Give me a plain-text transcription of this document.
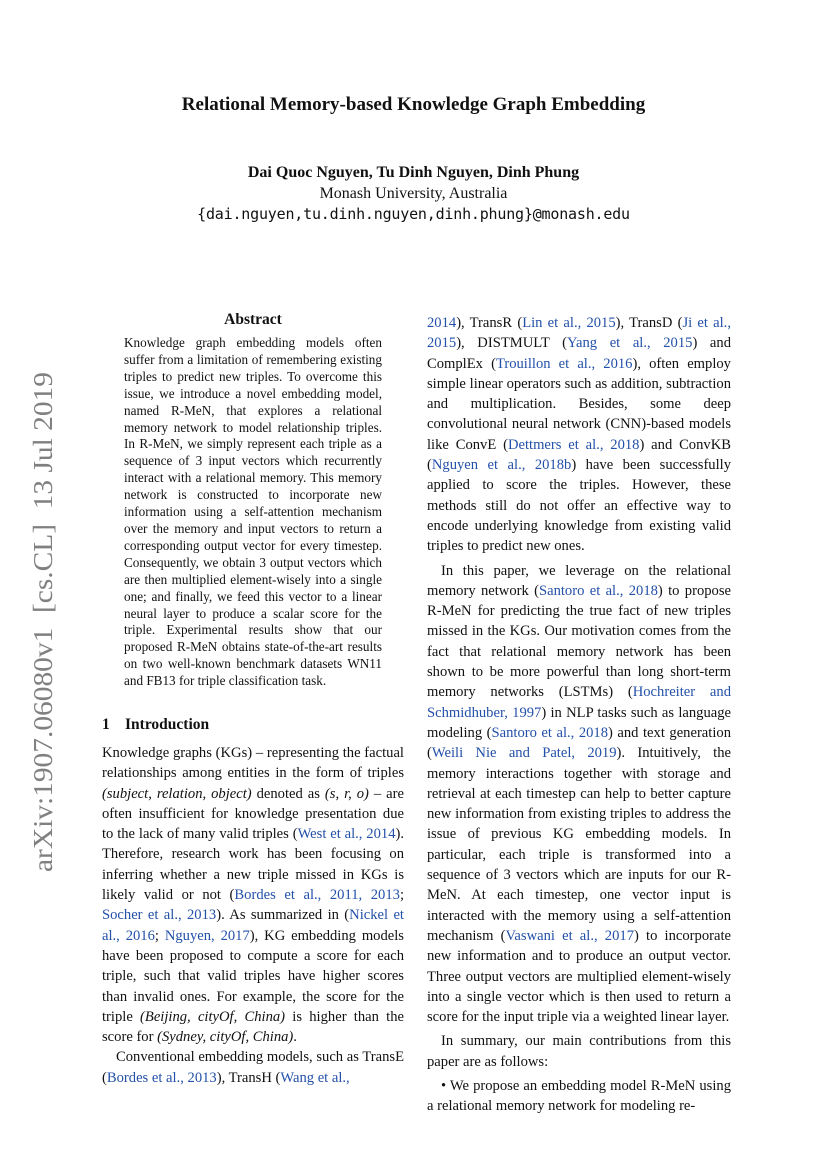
arXiv:1907.06080v1  [cs.CL]  13 Jul 2019
Relational Memory-based Knowledge Graph Embedding
Dai Quoc Nguyen, Tu Dinh Nguyen, Dinh Phung
Monash University, Australia
{dai.nguyen,tu.dinh.nguyen,dinh.phung}@monash.edu
Abstract
Knowledge graph embedding models often suffer from a limitation of remembering existing triples to predict new triples. To overcome this issue, we introduce a novel embedding model, named R-MeN, that explores a relational memory network to model relationship triples. In R-MeN, we simply represent each triple as a sequence of 3 input vectors which recurrently interact with a relational memory. This memory network is constructed to incorporate new information using a self-attention mechanism over the memory and input vectors to return a corresponding output vector for every timestep. Consequently, we obtain 3 output vectors which are then multiplied element-wisely into a single one; and finally, we feed this vector to a linear neural layer to produce a scalar score for the triple. Experimental results show that our proposed R-MeN obtains state-of-the-art results on two well-known benchmark datasets WN11 and FB13 for triple classification task.
1 Introduction

Knowledge graphs (KGs) – representing the factual relationships among entities in the form of triples (subject, relation, object) denoted as (s, r, o) – are often insufficient for knowledge presentation due to the lack of many valid triples (West et al., 2014). Therefore, research work has been focusing on inferring whether a new triple missed in KGs is likely valid or not (Bordes et al., 2011, 2013; Socher et al., 2013). As summarized in (Nickel et al., 2016; Nguyen, 2017), KG embedding models have been proposed to compute a score for each triple, such that valid triples have higher scores than invalid ones. For example, the score for the triple (Beijing, cityOf, China) is higher than the score for (Sydney, cityOf, China).

Conventional embedding models, such as TransE (Bordes et al., 2013), TransH (Wang et al.,

2014), TransR (Lin et al., 2015), TransD (Ji et al., 2015), DISTMULT (Yang et al., 2015) and ComplEx (Trouillon et al., 2016), often employ simple linear operators such as addition, subtraction and multiplication. Besides, some deep convolutional neural network (CNN)-based models like ConvE (Dettmers et al., 2018) and ConvKB (Nguyen et al., 2018b) have been successfully applied to score the triples. However, these methods still do not offer an effective way to encode underlying knowledge from existing valid triples to predict new ones.

In this paper, we leverage on the relational memory network (Santoro et al., 2018) to propose R-MeN for predicting the true fact of new triples missed in the KGs. Our motivation comes from the fact that relational memory network has been shown to be more powerful than long short-term memory networks (LSTMs) (Hochreiter and Schmidhuber, 1997) in NLP tasks such as language modeling (Santoro et al., 2018) and text generation (Weili Nie and Patel, 2019). Intuitively, the memory interactions together with storage and retrieval at each timestep can help to better capture new information from existing triples to address the issue of previous KG embedding models. In particular, each triple is transformed into a sequence of 3 vectors which are inputs for our R-MeN. At each timestep, one vector input is interacted with the memory using a self-attention mechanism (Vaswani et al., 2017) to incorporate new information and to produce an output vector. Three output vectors are multiplied element-wisely into a single vector which is then used to return a score for the input triple via a weighted linear layer.

In summary, our main contributions from this paper are as follows:

• We propose an embedding model R-MeN using a relational memory network for modeling re-
